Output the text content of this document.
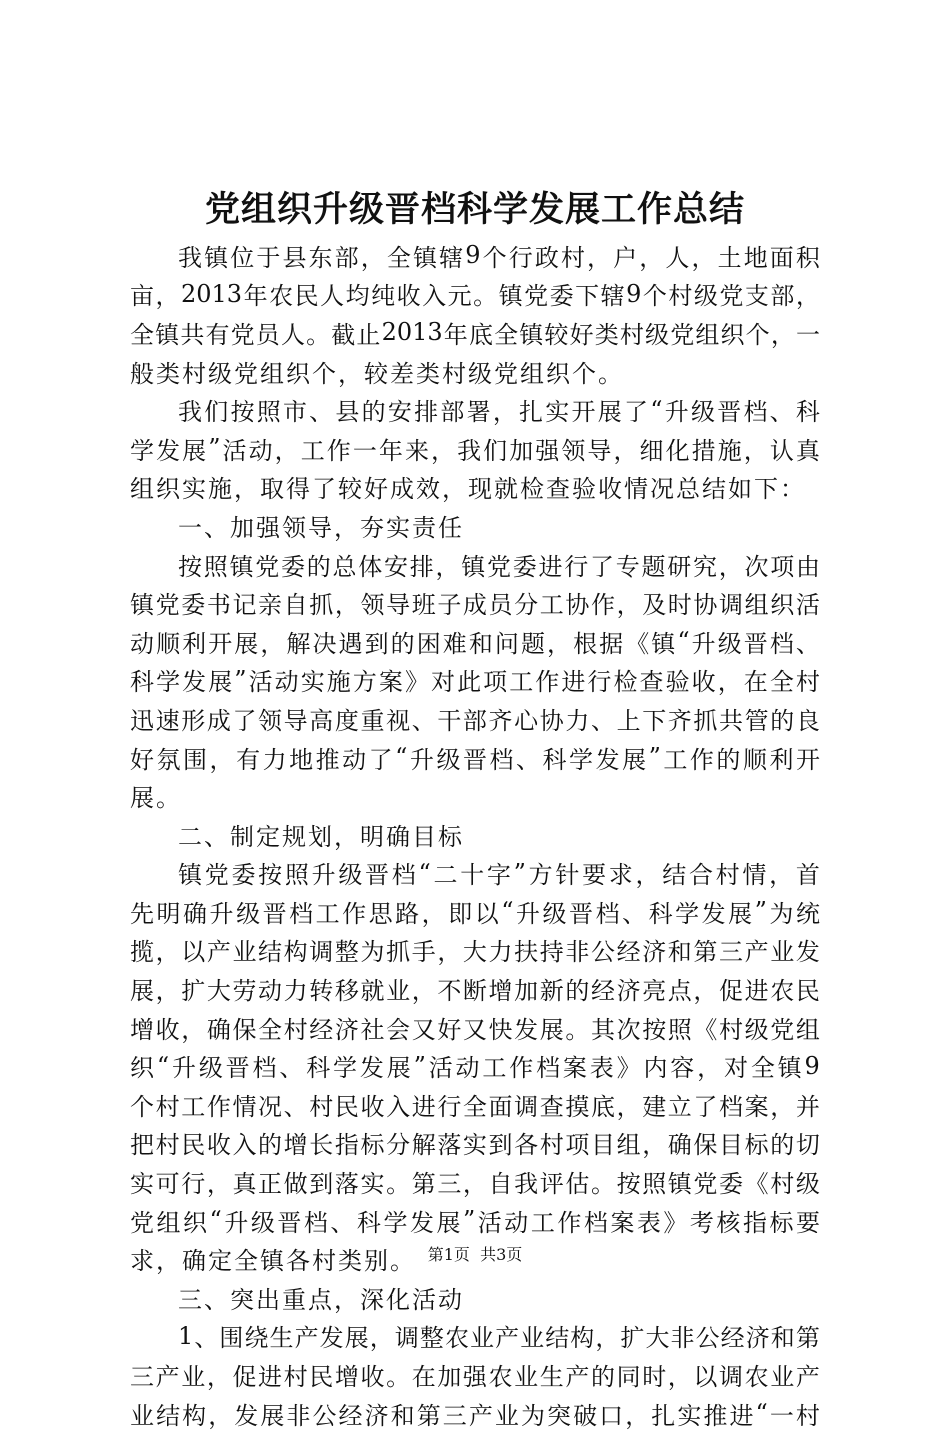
党组织升级晋档科学发展工作总结
我 镇 位 于 县 东 部 ， 全 镇 辖 9 个 行 政 村 ， 户 ， 人 ， 土 地 面 积
亩 ， 2013 年 农 民 人 均 纯 收 入 元 。 镇 党 委 下 辖 9 个 村 级 党 支 部 ，
全 镇 共 有 党 员 人 。 截 止 2013 年 底 全 镇 较 好 类 村 级 党 组 织 个 ， 一
般类村级党组织个，较差类村级党组织个。
我 们 按 照 市 、 县 的 安 排 部 署 ， 扎 实 开 展 了 “ 升 级 晋 档 、 科
学 发 展 ” 活 动 ， 工 作 一 年 来 ， 我 们 加 强 领 导 ， 细 化 措 施 ， 认 真
组织实施，取得了较好成效，现就检查验收情况总结如下：
一、加强领导，夯实责任
按 照 镇 党 委 的 总 体 安 排 ， 镇 党 委 进 行 了 专 题 研 究 ， 次 项 由
镇 党 委 书 记 亲 自 抓 ， 领 导 班 子 成 员 分 工 协 作 ， 及 时 协 调 组 织 活
动 顺 利 开 展 ， 解 决 遇 到 的 困 难 和 问 题 ， 根 据 《 镇 “ 升 级 晋 档 、
科 学 发 展 ” 活 动 实 施 方 案 》 对 此 项 工 作 进 行 检 查 验 收 ， 在 全 村
迅 速 形 成 了 领 导 高 度 重 视 、 干 部 齐 心 协 力 、 上 下 齐 抓 共 管 的 良
好 氛 围 ， 有 力 地 推 动 了 “ 升 级 晋 档 、 科 学 发 展 ” 工 作 的 顺 利 开
展。
二、制定规划，明确目标
镇 党 委 按 照 升 级 晋 档 “ 二 十 字 ” 方 针 要 求 ， 结 合 村 情 ， 首
先 明 确 升 级 晋 档 工 作 思 路 ， 即 以 “ 升 级 晋 档 、 科 学 发 展 ” 为 统
揽 ， 以 产 业 结 构 调 整 为 抓 手 ， 大 力 扶 持 非 公 经 济 和 第 三 产 业 发
展 ， 扩 大 劳 动 力 转 移 就 业 ， 不 断 增 加 新 的 经 济 亮 点 ， 促 进 农 民
增 收 ， 确 保 全 村 经 济 社 会 又 好 又 快 发 展 。 其 次 按 照 《 村 级 党 组
织 “ 升 级 晋 档 、 科 学 发 展 ” 活 动 工 作 档 案 表 》 内 容 ， 对 全 镇 9
个 村 工 作 情 况 、 村 民 收 入 进 行 全 面 调 查 摸 底 ， 建 立 了 档 案 ， 并
把 村 民 收 入 的 增 长 指 标 分 解 落 实 到 各 村 项 目 组 ， 确 保 目 标 的 切
实 可 行 ， 真 正 做 到 落 实 。 第 三 ， 自 我 评 估 。 按 照 镇 党 委 《 村 级
党 组 织 “ 升 级 晋 档 、 科 学 发 展 ” 活 动 工 作 档 案 表 》 考 核 指 标 要
求，确定全镇各村类别。
三、突出重点，深化活动
1 、 围 绕 生 产 发 展 ， 调 整 农 业 产 业 结 构 ， 扩 大 非 公 经 济 和 第
三 产 业 ， 促 进 村 民 增 收 。 在 加 强 农 业 生 产 的 同 时 ， 以 调 农 业 产
业 结 构 ， 发 展 非 公 经 济 和 第 三 产 业 为 突 破 口 ， 扎 实 推 进 “ 一 村
第1页  共3页
